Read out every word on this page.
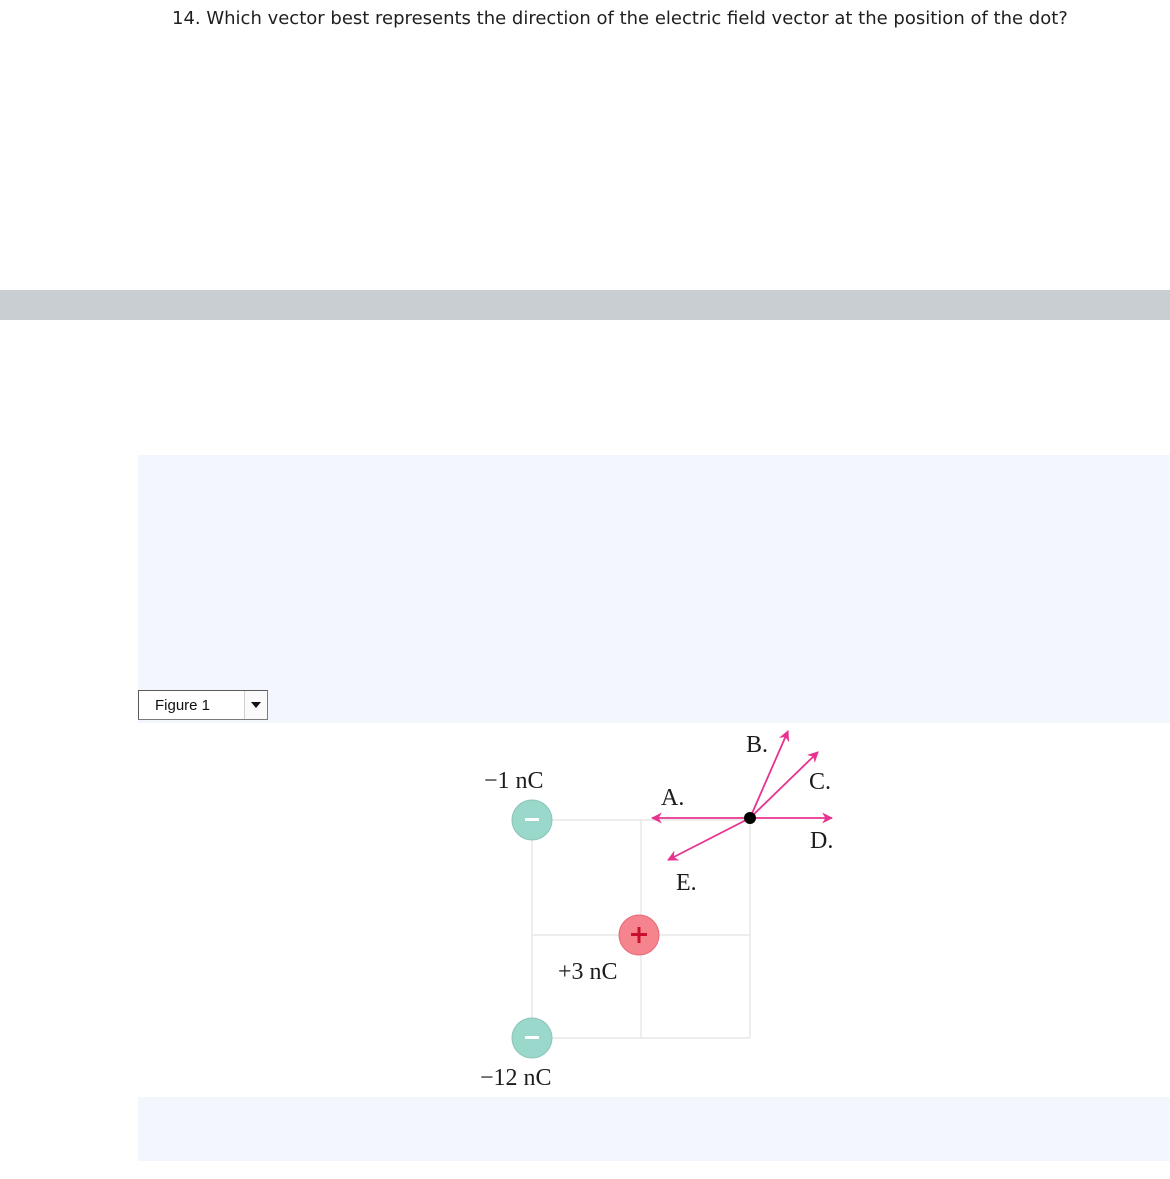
14. Which vector best represents the direction of the electric field vector at the position of the dot?
Figure 1
A.
B.
C.
D.
E.
−1 nC
+3 nC
−12 nC
